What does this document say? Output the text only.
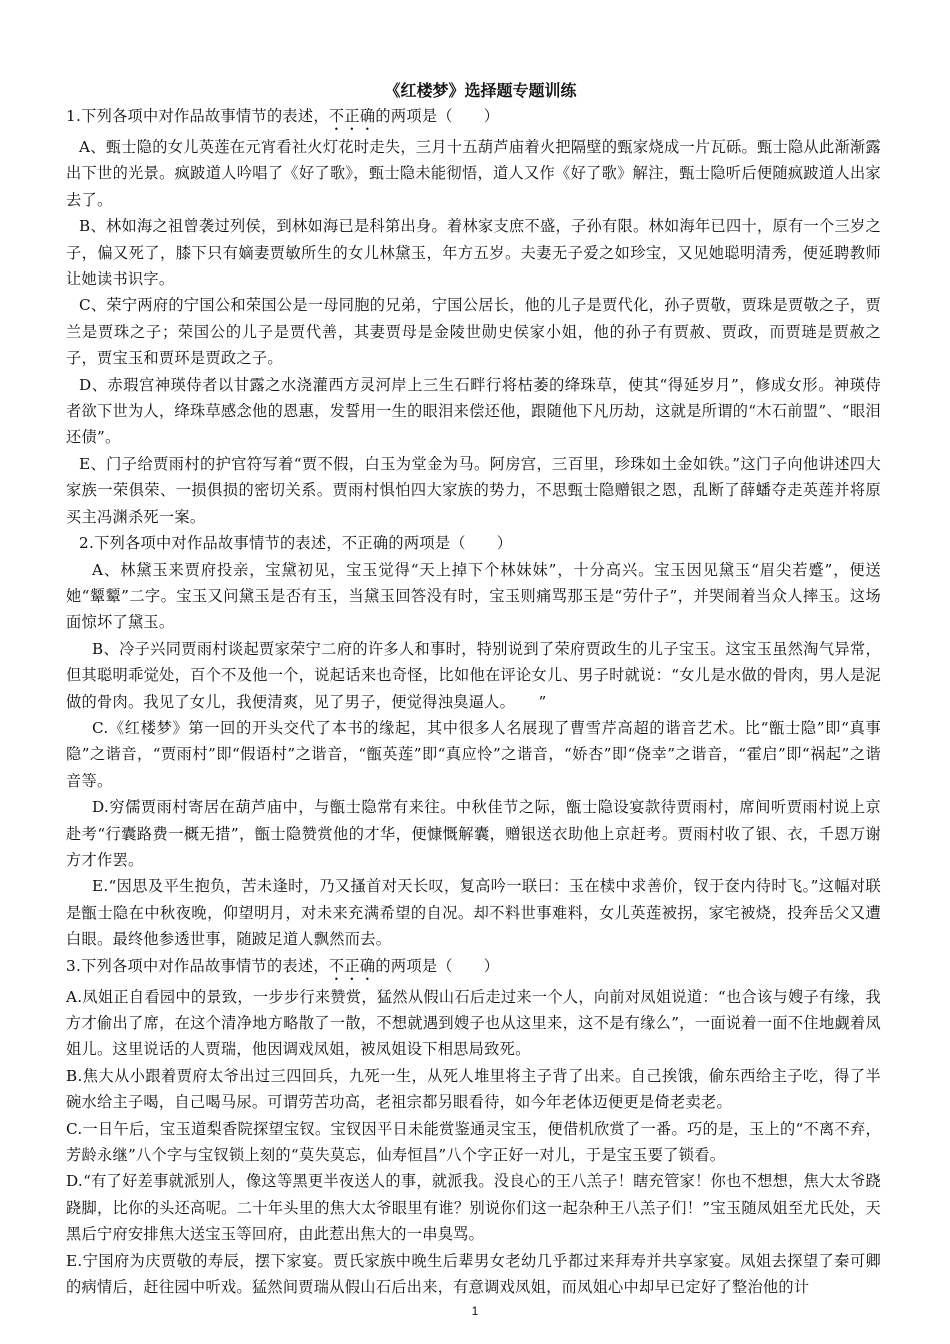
《红楼梦》选择题专题训练

1.下列各项中对作品故事情节的表述，不正确的两项是（　　）

A、甄士隐的女儿英莲在元宵看社火灯花时走失，三月十五葫芦庙着火把隔壁的甄家烧成一片瓦砾。甄士隐从此渐渐露出下世的光景。疯跛道人吟唱了《好了歌》，甄士隐未能彻悟，道人又作《好了歌》解注，甄士隐听后便随疯跛道人出家去了。

B、林如海之祖曾袭过列侯，到林如海已是科第出身。着林家支庶不盛，子孙有限。林如海年已四十，原有一个三岁之子，偏又死了，膝下只有嫡妻贾敏所生的女儿林黛玉，年方五岁。夫妻无子爱之如珍宝，又见她聪明清秀，便延聘教师让她读书识字。

C、荣宁两府的宁国公和荣国公是一母同胞的兄弟，宁国公居长，他的儿子是贾代化，孙子贾敬，贾珠是贾敬之子，贾兰是贾珠之子；荣国公的儿子是贾代善，其妻贾母是金陵世勋史侯家小姐，他的孙子有贾赦、贾政，而贾琏是贾赦之子，贾宝玉和贾环是贾政之子。

D、赤瑕宫神瑛侍者以甘露之水浇灌西方灵河岸上三生石畔行将枯萎的绛珠草，使其“得延岁月”，修成女形。神瑛侍者欲下世为人，绛珠草感念他的恩惠，发誓用一生的眼泪来偿还他，跟随他下凡历劫，这就是所谓的“木石前盟”、“眼泪还债”。

E、门子给贾雨村的护官符写着“贾不假，白玉为堂金为马。阿房宫，三百里，珍珠如土金如铁。”这门子向他讲述四大家族一荣俱荣、一损俱损的密切关系。贾雨村惧怕四大家族的势力，不思甄士隐赠银之恩，乱断了薛蟠夺走英莲并将原买主冯渊杀死一案。

2.下列各项中对作品故事情节的表述，不正确的两项是（　　）

A、林黛玉来贾府投亲，宝黛初见，宝玉觉得“天上掉下个林妹妹”，十分高兴。宝玉因见黛玉“眉尖若蹙”，便送她“颦颦”二字。宝玉又问黛玉是否有玉，当黛玉回答没有时，宝玉则痛骂那玉是“劳什子”，并哭闹着当众人摔玉。这场面惊坏了黛玉。

B、冷子兴同贾雨村谈起贾家荣宁二府的许多人和事时，特别说到了荣府贾政生的儿子宝玉。这宝玉虽然淘气异常，但其聪明乖觉处，百个不及他一个，说起话来也奇怪，比如他在评论女儿、男子时就说：“女儿是水做的骨肉，男人是泥做的骨肉。我见了女儿，我便清爽，见了男子，便觉得浊臭逼人。　　”

C.《红楼梦》第一回的开头交代了本书的缘起，其中很多人名展现了曹雪芹高超的谐音艺术。比“甑士隐”即“真事隐”之谐音，“贾雨村”即“假语村”之谐音，“甑英莲”即“真应怜”之谐音，“娇杏”即“侥幸”之谐音，“霍启”即“祸起”之谐音等。

D.穷儒贾雨村寄居在葫芦庙中，与甑士隐常有来往。中秋佳节之际，甑士隐设宴款待贾雨村，席间听贾雨村说上京赴考“行囊路费一概无措”，甑士隐赞赏他的才华，便慷慨解囊，赠银送衣助他上京赶考。贾雨村收了银、衣，千恩万谢方才作罢。

E.“因思及平生抱负，苦未逢时，乃又搔首对天长叹，复高吟一联曰：玉在椟中求善价，钗于奁内待时飞。”这幅对联是甑士隐在中秋夜晚，仰望明月，对未来充满希望的自况。却不料世事难料，女儿英莲被拐，家宅被烧，投奔岳父又遭白眼。最终他参透世事，随跛足道人飘然而去。

3.下列各项中对作品故事情节的表述，不正确的两项是（　　）

A.凤姐正自看园中的景致，一步步行来赞赏，猛然从假山石后走过来一个人，向前对凤姐说道：“也合该与嫂子有缘，我方才偷出了席，在这个清净地方略散了一散，不想就遇到嫂子也从这里来，这不是有缘么”，一面说着一面不住地觑着凤姐儿。这里说话的人贾瑞，他因调戏凤姐，被凤姐设下相思局致死。

B.焦大从小跟着贾府太爷出过三四回兵，九死一生，从死人堆里将主子背了出来。自己挨饿，偷东西给主子吃，得了半碗水给主子喝，自己喝马尿。可谓劳苦功高，老祖宗都另眼看待，如今年老体迈便更是倚老卖老。

C.一日午后，宝玉道梨香院探望宝钗。宝钗因平日未能赏鉴通灵宝玉，便借机欣赏了一番。巧的是，玉上的“不离不弃，芳龄永继”八个字与宝钗锁上刻的“莫失莫忘，仙寿恒昌”八个字正好一对儿，于是宝玉要了锁看。

D.“有了好差事就派别人，像这等黑更半夜送人的事，就派我。没良心的王八羔子！瞎充管家！你也不想想，焦大太爷跷跷脚，比你的头还高呢。二十年头里的焦大太爷眼里有谁？别说你们这一起杂种王八羔子们！”宝玉随凤姐至尤氏处，天黑后宁府安排焦大送宝玉等回府，由此惹出焦大的一串臭骂。

E.宁国府为庆贾敬的寿辰，摆下家宴。贾氏家族中晚生后辈男女老幼几乎都过来拜寿并共享家宴。凤姐去探望了秦可卿的病情后，赶往园中听戏。猛然间贾瑞从假山石后出来，有意调戏凤姐，而凤姐心中却早已定好了整治他的计

1
